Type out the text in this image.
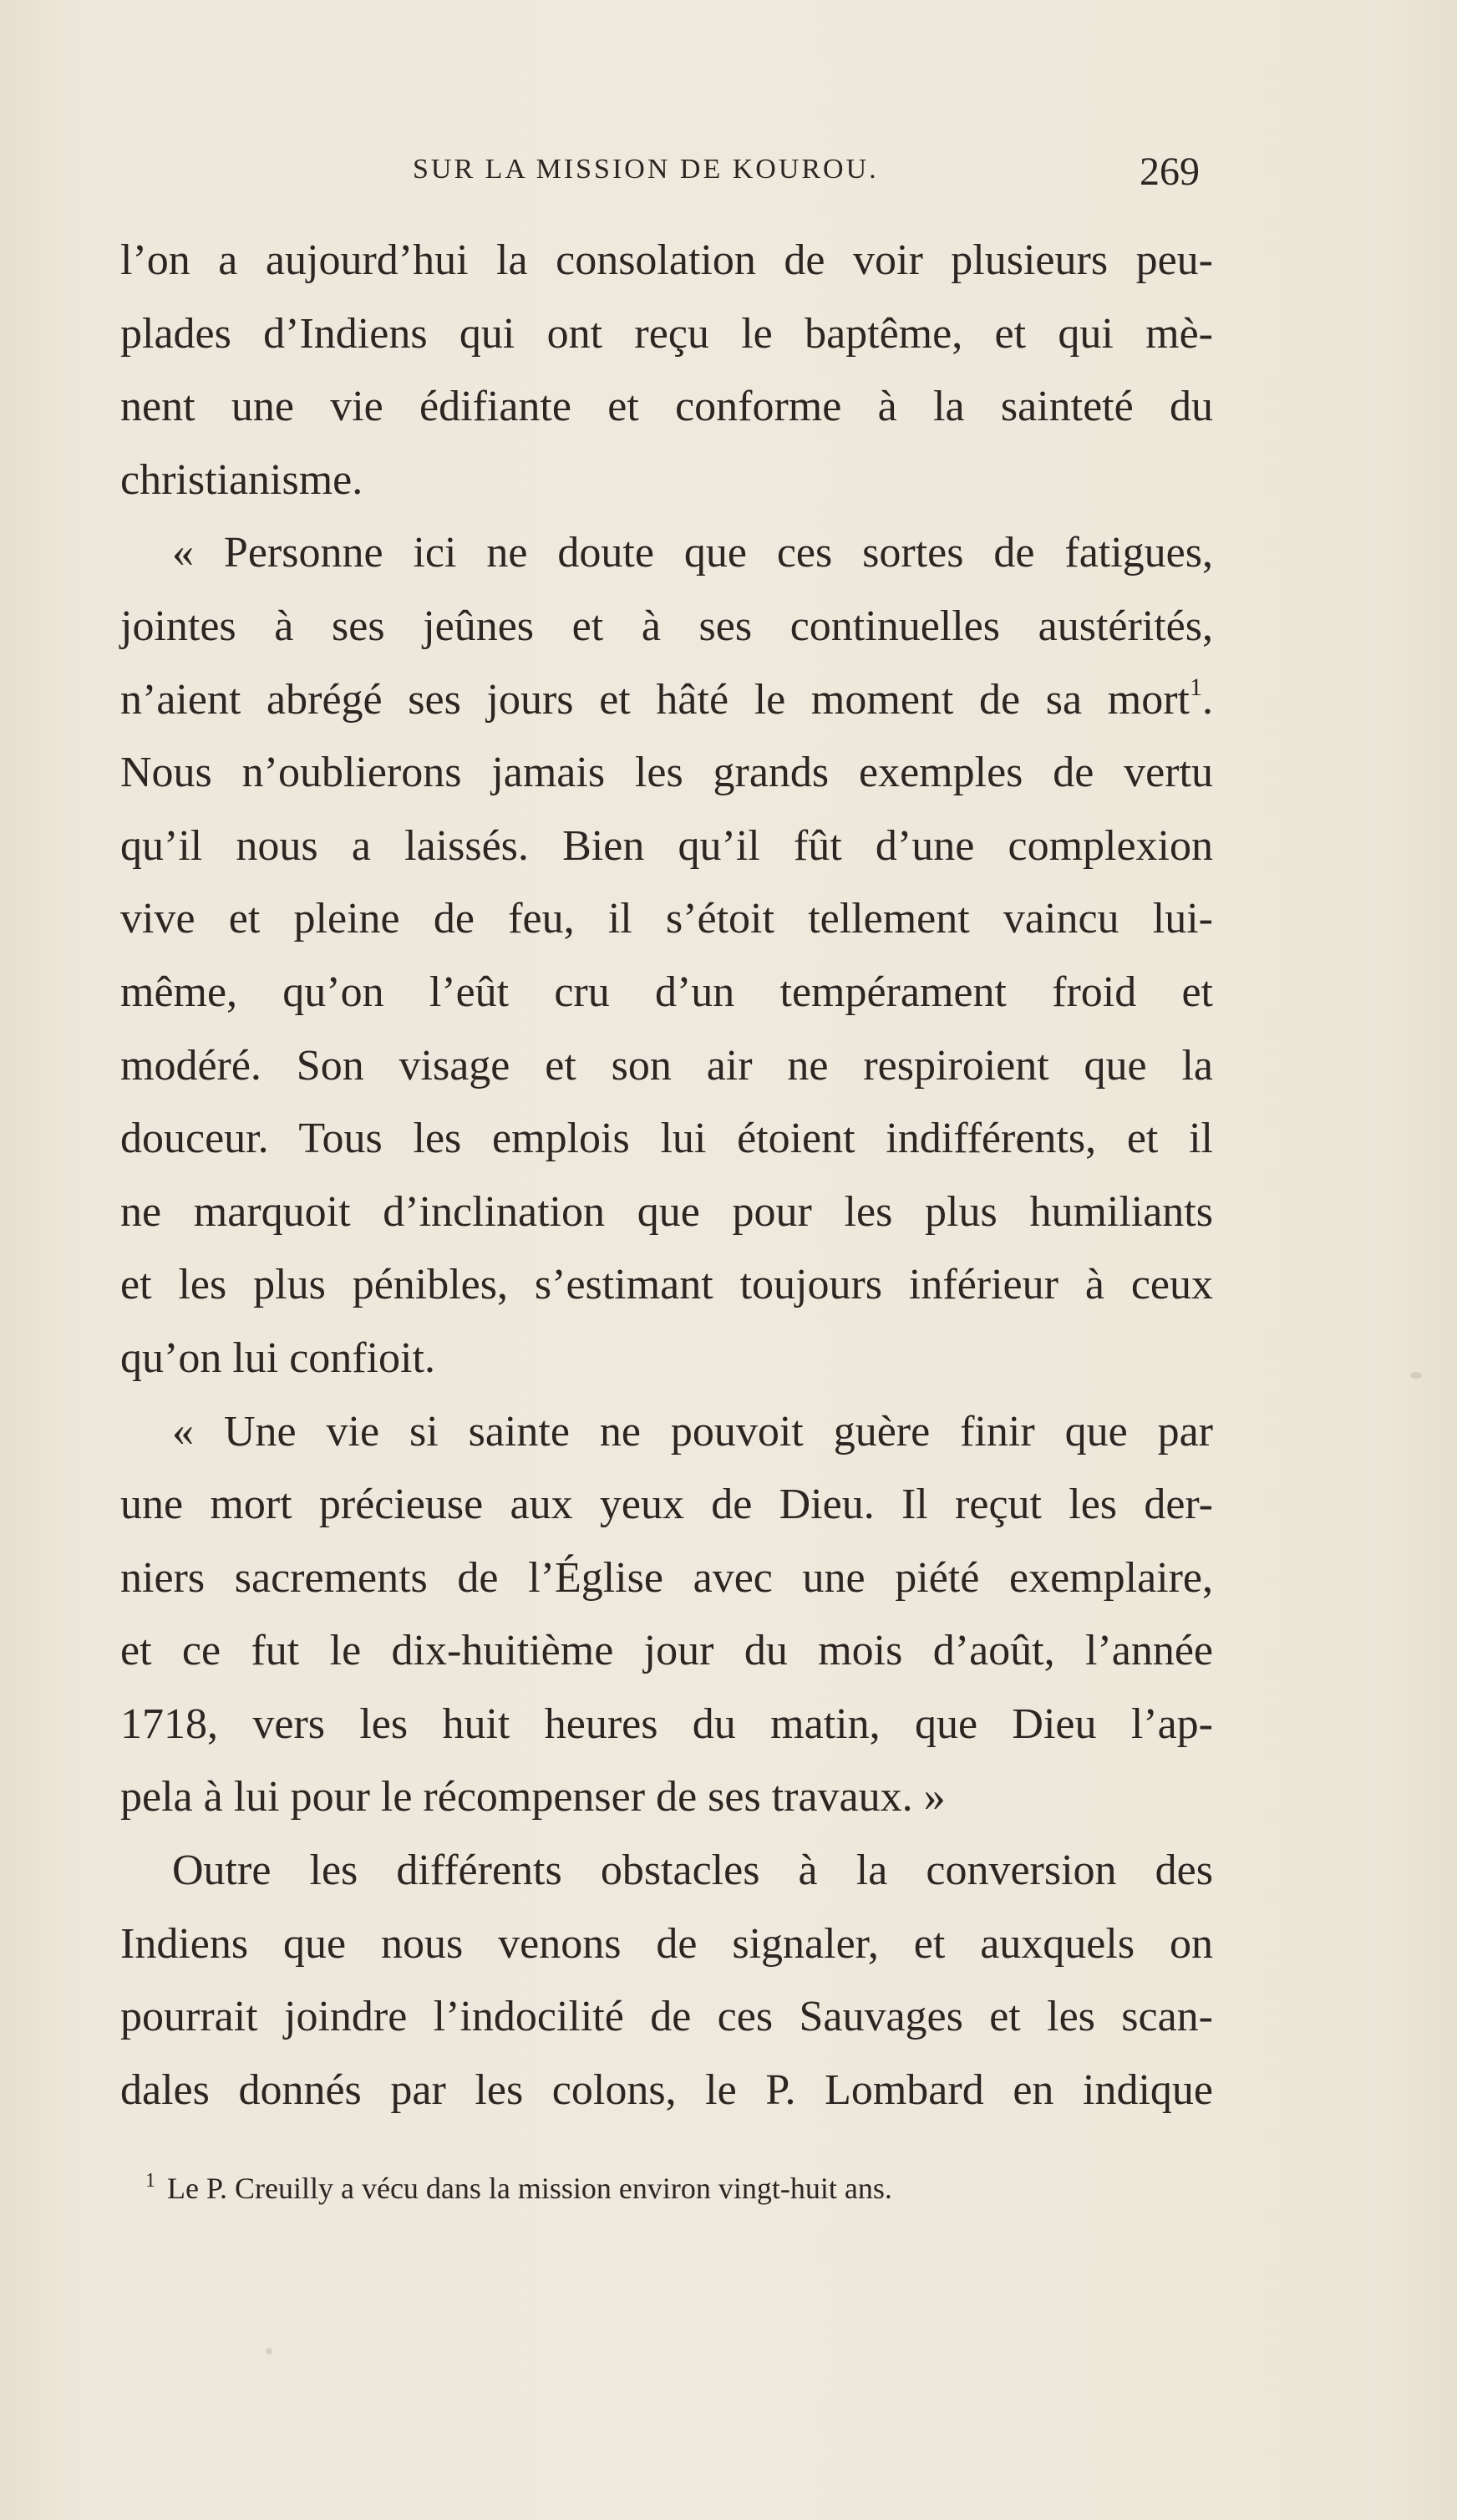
SUR LA MISSION DE KOUROU.	269
l’on a aujourd’hui la consolation de voir plusieurs peu-
plades d’Indiens qui ont reçu le baptême, et qui mè-
nent une vie édifiante et conforme à la sainteté du
christianisme.
« Personne ici ne doute que ces sortes de fatigues,
jointes à ses jeûnes et à ses continuelles austérités,
n’aient abrégé ses jours et hâté le moment de sa mort$^1$.
Nous n’oublierons jamais les grands exemples de vertu
qu’il nous a laissés. Bien qu’il fût d’une complexion
vive et pleine de feu, il s’étoit tellement vaincu lui-
même, qu’on l’eût cru d’un tempérament froid et
modéré. Son visage et son air ne respiroient que la
douceur. Tous les emplois lui étoient indifférents, et il
ne marquoit d’inclination que pour les plus humiliants
et les plus pénibles, s’estimant toujours inférieur à ceux
qu’on lui confioit.
« Une vie si sainte ne pouvoit guère finir que par
une mort précieuse aux yeux de Dieu. Il reçut les der-
niers sacrements de l’Église avec une piété exemplaire,
et ce fut le dix-huitième jour du mois d’août, l’année
1718, vers les huit heures du matin, que Dieu l’ap-
pela à lui pour le récompenser de ses travaux. »
Outre les différents obstacles à la conversion des
Indiens que nous venons de signaler, et auxquels on
pourrait joindre l’indocilité de ces Sauvages et les scan-
dales donnés par les colons, le P. Lombard en indique
$^1$ Le P. Creuilly a vécu dans la mission environ vingt-huit ans.
